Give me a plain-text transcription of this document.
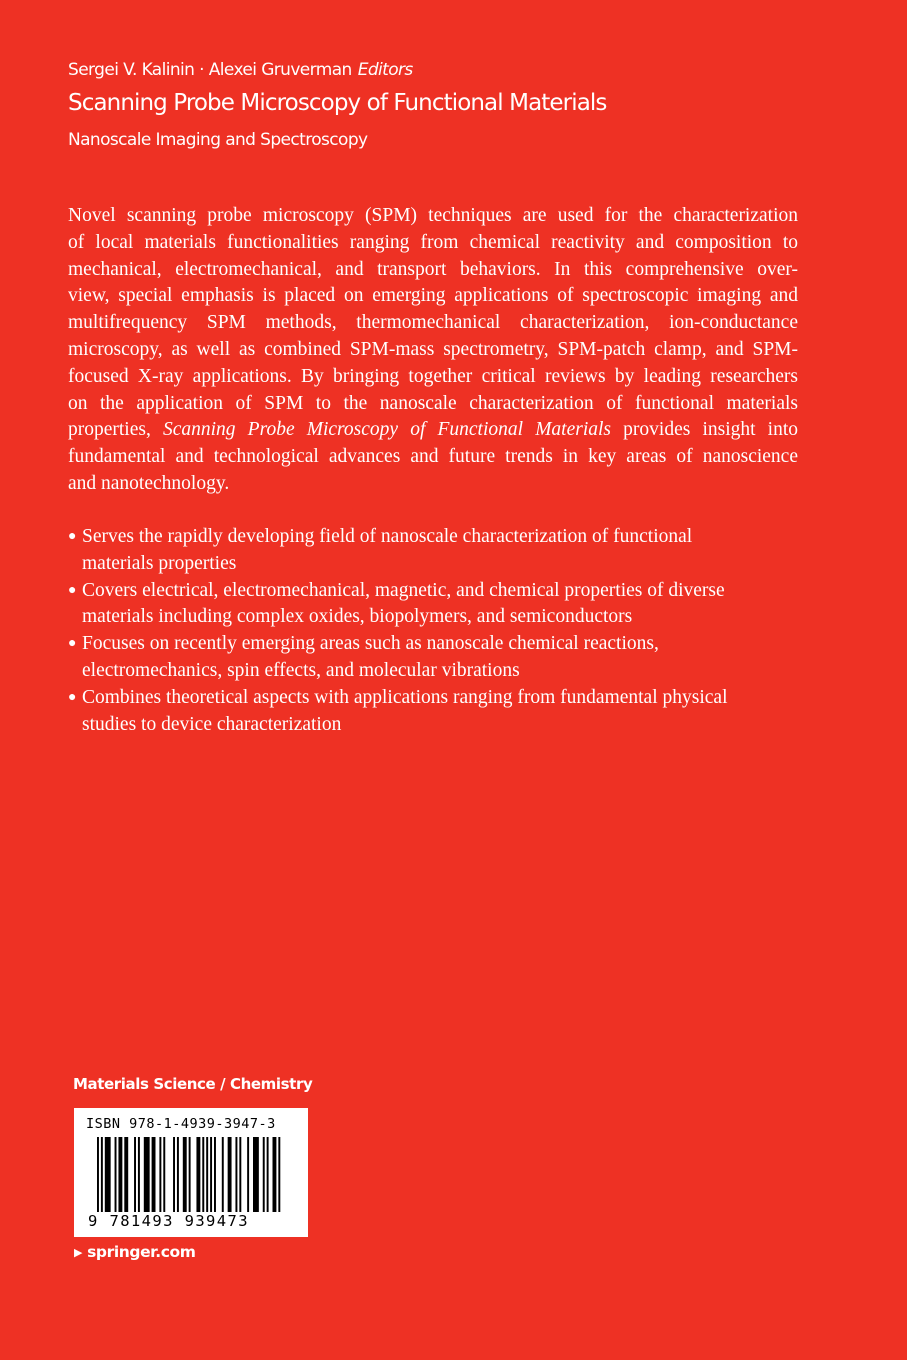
Sergei V. Kalinin · Alexei Gruverman Editors
Scanning Probe Microscopy of Functional Materials
Nanoscale Imaging and Spectroscopy
Novel scanning probe microscopy (SPM) techniques are used for the characterization
of local materials functionalities ranging from chemical reactivity and composition to
mechanical, electromechanical, and transport behaviors. In this comprehensive over-
view, special emphasis is placed on emerging applications of spectroscopic imaging and
multifrequency SPM methods, thermomechanical characterization, ion-conductance
microscopy, as well as combined SPM-mass spectrometry, SPM-patch clamp, and SPM-
focused X-ray applications. By bringing together critical reviews by leading researchers
on the application of SPM to the nanoscale characterization of functional materials
properties, Scanning Probe Microscopy of Functional Materials provides insight into
fundamental and technological advances and future trends in key areas of nanoscience
and nanotechnology.
● Serves the rapidly developing field of nanoscale characterization of functional
materials properties
● Covers electrical, electromechanical, magnetic, and chemical properties of diverse
materials including complex oxides, biopolymers, and semiconductors
● Focuses on recently emerging areas such as nanoscale chemical reactions,
electromechanics, spin effects, and molecular vibrations
● Combines theoretical aspects with applications ranging from fundamental physical
studies to device characterization
Materials Science / Chemistry
ISBN 978-1-4939-3947-3
9 781493 939473
▶ springer.com
